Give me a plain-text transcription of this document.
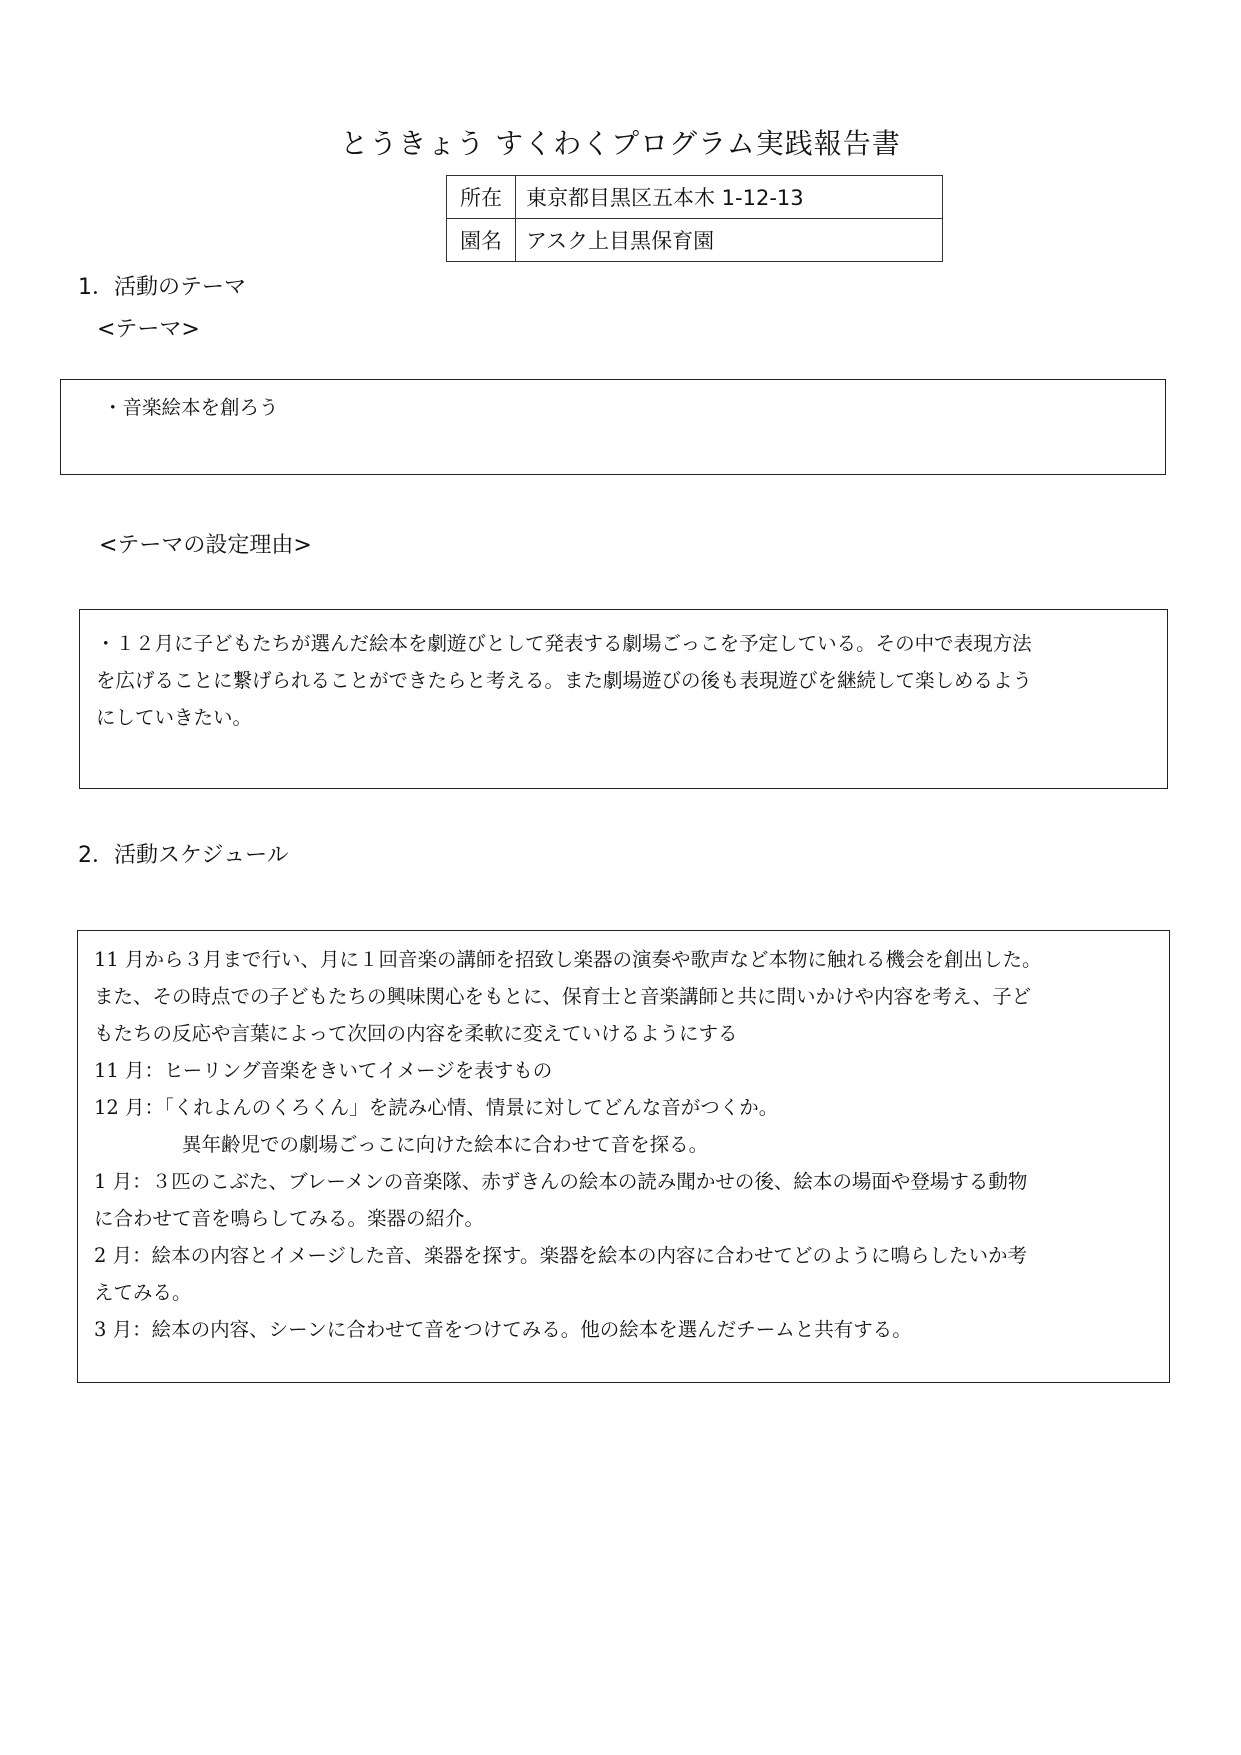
とうきょう すくわくプログラム実践報告書
所在	東京都目黒区五本木 1-12-13
園名	アスク上目黒保育園
1．活動のテーマ
<テーマ>

・音楽絵本を創ろう

<テーマの設定理由>

・１２月に子どもたちが選んだ絵本を劇遊びとして発表する劇場ごっこを予定している。その中で表現方法

を広げることに繋げられることができたらと考える。また劇場遊びの後も表現遊びを継続して楽しめるよう

にしていきたい。

2．活動スケジュール

11 月から３月まで行い、月に１回音楽の講師を招致し楽器の演奏や歌声など本物に触れる機会を創出した。

また、その時点での子どもたちの興味関心をもとに、保育士と音楽講師と共に問いかけや内容を考え、子ど

もたちの反応や言葉によって次回の内容を柔軟に変えていけるようにする

11 月：ヒーリング音楽をきいてイメージを表すもの

12 月：「くれよんのくろくん」を読み心情、情景に対してどんな音がつくか。

異年齢児での劇場ごっこに向けた絵本に合わせて音を探る。

1 月：３匹のこぶた、ブレーメンの音楽隊、赤ずきんの絵本の読み聞かせの後、絵本の場面や登場する動物

に合わせて音を鳴らしてみる。楽器の紹介。

2 月：絵本の内容とイメージした音、楽器を探す。楽器を絵本の内容に合わせてどのように鳴らしたいか考

えてみる。

3 月：絵本の内容、シーンに合わせて音をつけてみる。他の絵本を選んだチームと共有する。
